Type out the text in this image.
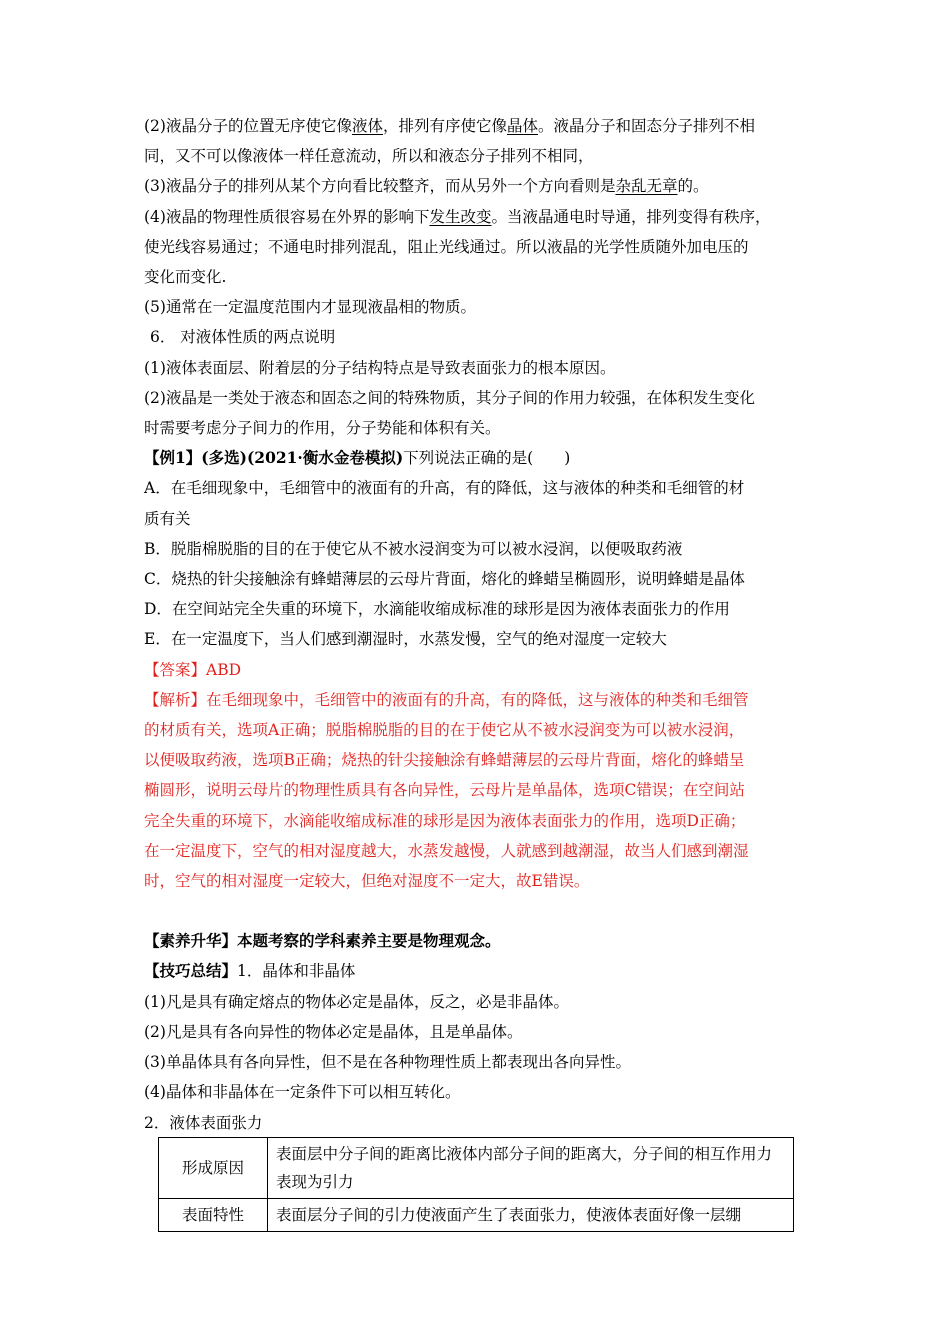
(2)液晶分子的位置无序使它像液体，排列有序使它像晶体。液晶分子和固态分子排列不相

同，又不可以像液体一样任意流动，所以和液态分子排列不相同，

(3)液晶分子的排列从某个方向看比较整齐，而从另外一个方向看则是杂乱无章的。

(4)液晶的物理性质很容易在外界的影响下发生改变。当液晶通电时导通，排列变得有秩序，

使光线容易通过；不通电时排列混乱，阻止光线通过。所以液晶的光学性质随外加电压的

变化而变化.

(5)通常在一定温度范围内才显现液晶相的物质。

6． 对液体性质的两点说明

(1)液体表面层、附着层的分子结构特点是导致表面张力的根本原因。

(2)液晶是一类处于液态和固态之间的特殊物质，其分子间的作用力较强，在体积发生变化

时需要考虑分子间力的作用，分子势能和体积有关。

【例1】(多选)(2021·衡水金卷模拟)下列说法正确的是(　　)

A．在毛细现象中，毛细管中的液面有的升高，有的降低，这与液体的种类和毛细管的材

质有关

B．脱脂棉脱脂的目的在于使它从不被水浸润变为可以被水浸润，以便吸取药液

C．烧热的针尖接触涂有蜂蜡薄层的云母片背面，熔化的蜂蜡呈椭圆形，说明蜂蜡是晶体

D．在空间站完全失重的环境下，水滴能收缩成标准的球形是因为液体表面张力的作用

E．在一定温度下，当人们感到潮湿时，水蒸发慢，空气的绝对湿度一定较大

【答案】ABD

【解析】在毛细现象中，毛细管中的液面有的升高，有的降低，这与液体的种类和毛细管

的材质有关，选项A正确；脱脂棉脱脂的目的在于使它从不被水浸润变为可以被水浸润，

以便吸取药液，选项B正确；烧热的针尖接触涂有蜂蜡薄层的云母片背面，熔化的蜂蜡呈

椭圆形，说明云母片的物理性质具有各向异性，云母片是单晶体，选项C错误；在空间站

完全失重的环境下，水滴能收缩成标准的球形是因为液体表面张力的作用，选项D正确；

在一定温度下，空气的相对湿度越大，水蒸发越慢，人就感到越潮湿，故当人们感到潮湿

时，空气的相对湿度一定较大，但绝对湿度不一定大，故E错误。

【素养升华】本题考察的学科素养主要是物理观念。

【技巧总结】1．晶体和非晶体

(1)凡是具有确定熔点的物体必定是晶体，反之，必是非晶体。

(2)凡是具有各向异性的物体必定是晶体，且是单晶体。

(3)单晶体具有各向异性，但不是在各种物理性质上都表现出各向异性。

(4)晶体和非晶体在一定条件下可以相互转化。

2．液体表面张力

形成原因	表面层中分子间的距离比液体内部分子间的距离大，分子间的相互作用力表现为引力
表面特性	表面层分子间的引力使液面产生了表面张力，使液体表面好像一层绷
